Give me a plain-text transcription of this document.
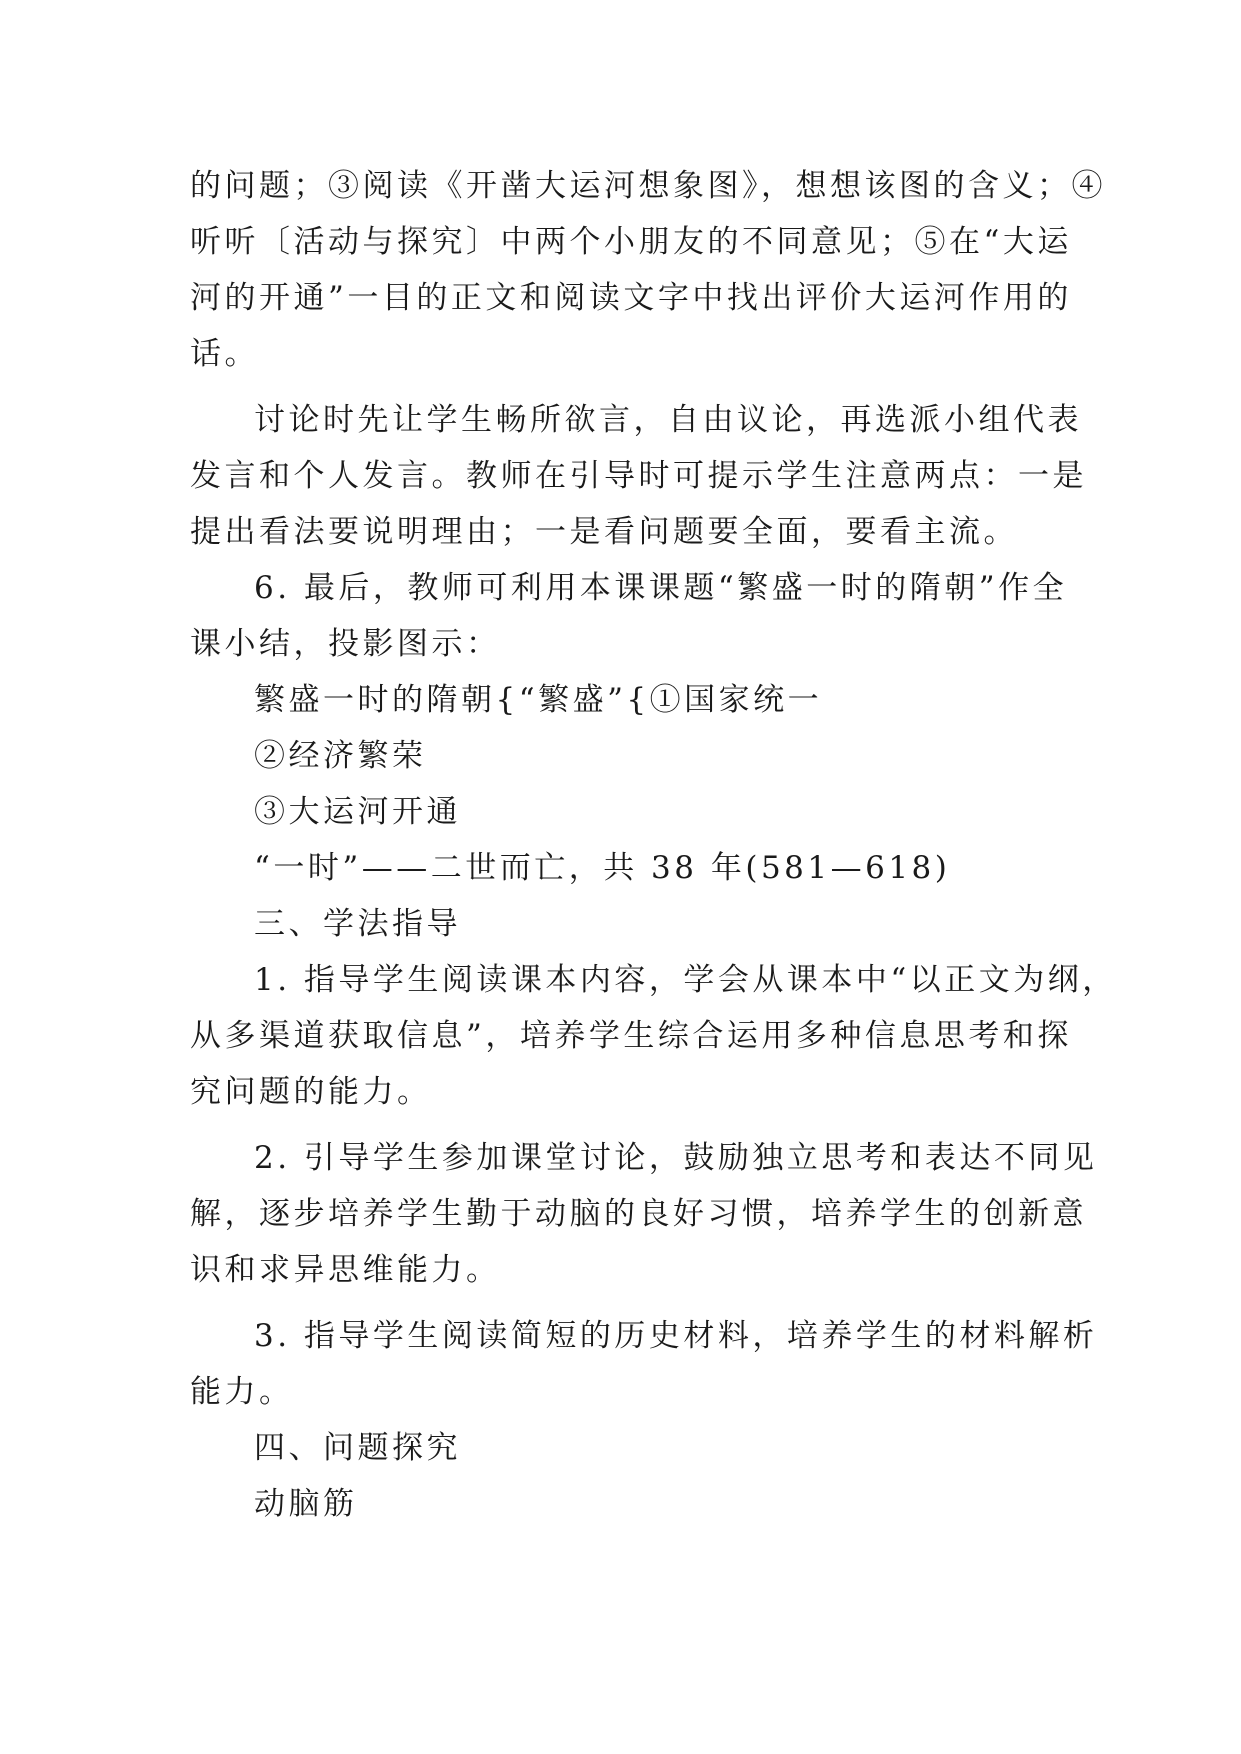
的问题；③阅读《开凿大运河想象图》，想想该图的含义；④
听听〔活动与探究〕中两个小朋友的不同意见；⑤在“大运
河的开通”一目的正文和阅读文字中找出评价大运河作用的
话。
讨论时先让学生畅所欲言，自由议论，再选派小组代表
发言和个人发言。教师在引导时可提示学生注意两点：一是
提出看法要说明理由；一是看问题要全面，要看主流。
6. 最后，教师可利用本课课题“繁盛一时的隋朝”作全
课小结，投影图示：
繁盛一时的隋朝{“繁盛”{①国家统一
②经济繁荣
③大运河开通
“一时”——二世而亡，共 38 年(581—618)
三、学法指导
1. 指导学生阅读课本内容，学会从课本中“以正文为纲，
从多渠道获取信息”，培养学生综合运用多种信息思考和探
究问题的能力。
2. 引导学生参加课堂讨论，鼓励独立思考和表达不同见
解，逐步培养学生勤于动脑的良好习惯，培养学生的创新意
识和求异思维能力。
3. 指导学生阅读简短的历史材料，培养学生的材料解析
能力。
四、问题探究
动脑筋
